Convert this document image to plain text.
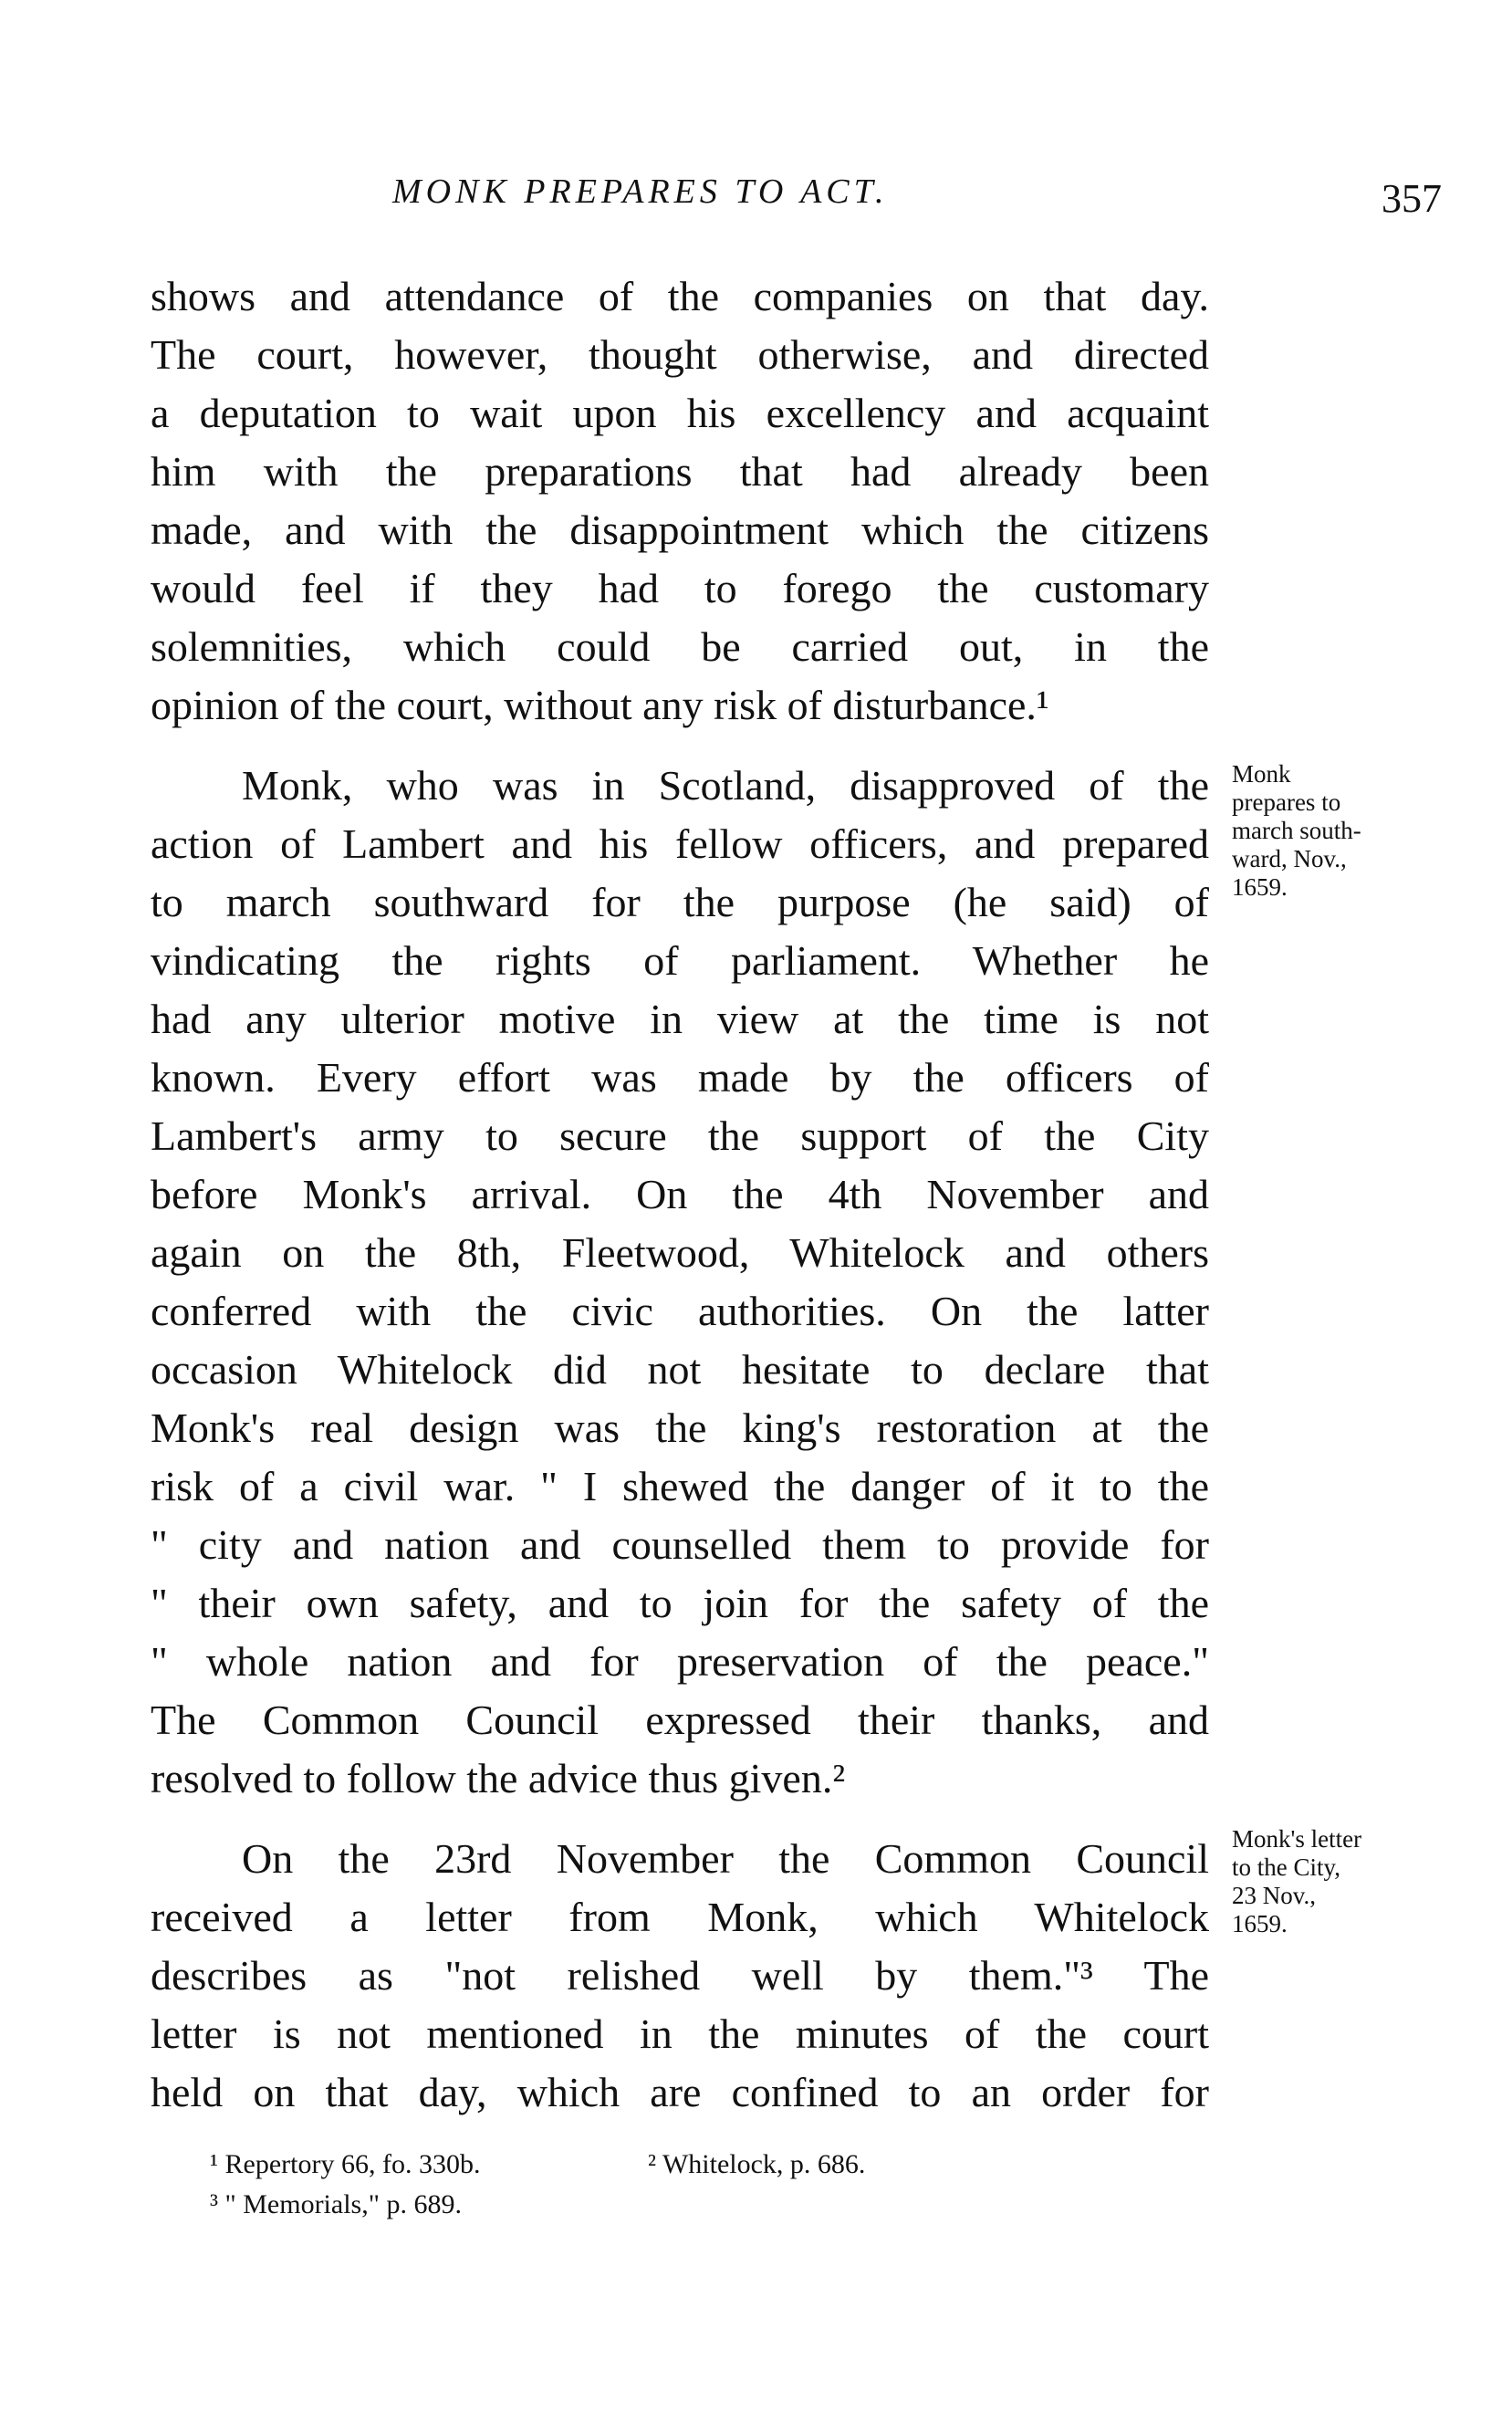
MONK PREPARES TO ACT.	357
shows and attendance of the companies on that day.
The court, however, thought otherwise, and directed
a deputation to wait upon his excellency and acquaint
him with the preparations that had already been
made, and with the disappointment which the citizens
would feel if they had to forego the customary
solemnities, which could be carried out, in the
opinion of the court, without any risk of disturbance.¹
Monk, who was in Scotland, disapproved of the
action of Lambert and his fellow officers, and prepared
to march southward for the purpose (he said) of
vindicating the rights of parliament. Whether he
had any ulterior motive in view at the time is not
known. Every effort was made by the officers of
Lambert's army to secure the support of the City
before Monk's arrival. On the 4th November and
again on the 8th, Fleetwood, Whitelock and others
conferred with the civic authorities. On the latter
occasion Whitelock did not hesitate to declare that
Monk's real design was the king's restoration at the
risk of a civil war. " I shewed the danger of it to the
" city and nation and counselled them to provide for
" their own safety, and to join for the safety of the
" whole nation and for preservation of the peace."
The Common Council expressed their thanks, and
resolved to follow the advice thus given.²
On the 23rd November the Common Council
received a letter from Monk, which Whitelock
describes as "not relished well by them."³ The
letter is not mentioned in the minutes of the court
held on that day, which are confined to an order for
Monk
prepares to
march south-
ward, Nov.,
1659.
Monk's letter
to the City,
23 Nov.,
1659.
¹ Repertory 66, fo. 330b.	² Whitelock, p. 686.
³ " Memorials," p. 689.
